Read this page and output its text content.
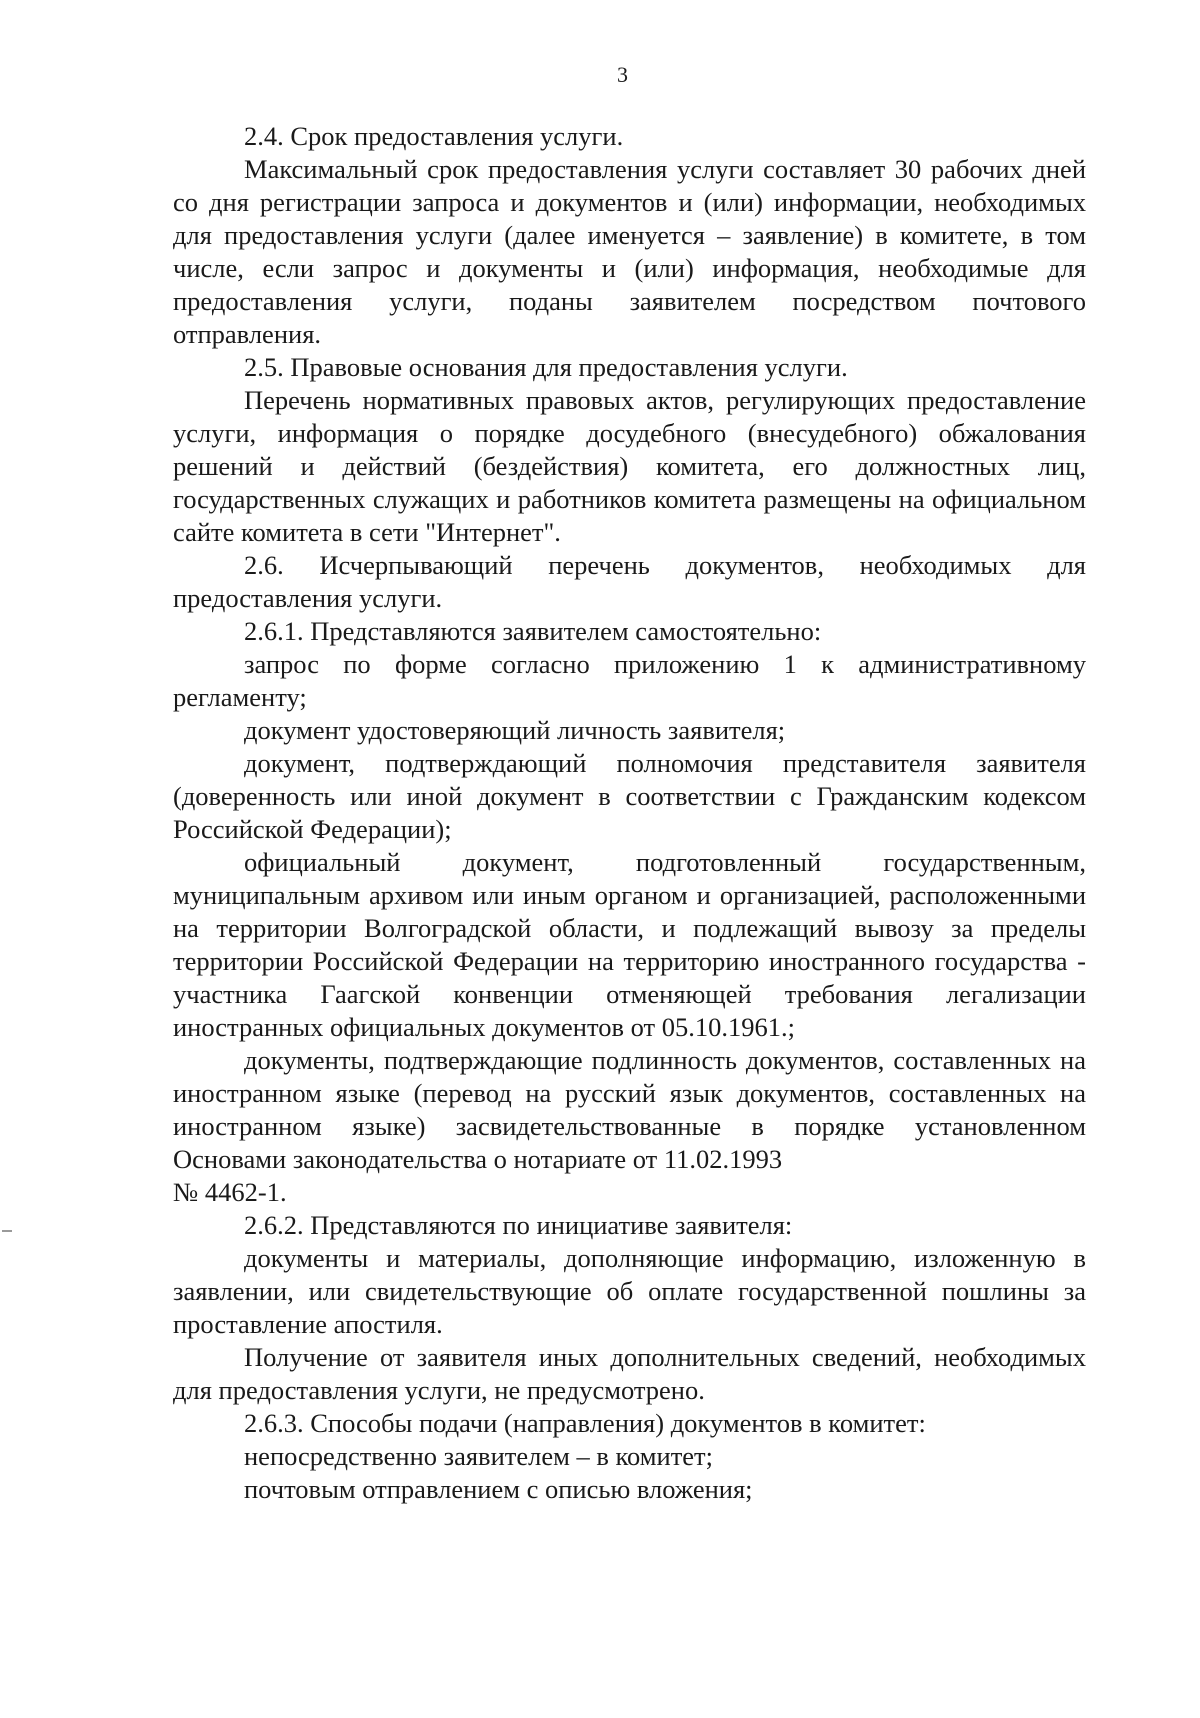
3

2.4. Срок предоставления услуги.

Максимальный срок предоставления услуги составляет 30 рабочих дней со дня регистрации запроса и документов и (или) информации, необходимых для предоставления услуги (далее именуется – заявление) в комитете, в том числе, если запрос и документы и (или) информация, необходимые для предоставления услуги, поданы заявителем посредством почтового отправления.

2.5. Правовые основания для предоставления услуги.

Перечень нормативных правовых актов, регулирующих предоставление услуги, информация о порядке досудебного (внесудебного) обжалования решений и действий (бездействия) комитета, его должностных лиц, государственных служащих и работников комитета размещены на официальном сайте комитета в сети "Интернет".

2.6. Исчерпывающий перечень документов, необходимых для предоставления услуги.

2.6.1. Представляются заявителем самостоятельно:

запрос по форме согласно приложению 1 к административному регламенту;

документ удостоверяющий личность заявителя;

документ, подтверждающий полномочия представителя заявителя (доверенность или иной документ в соответствии с Гражданским кодексом Российской Федерации);

официальный документ, подготовленный государственным, муниципальным архивом или иным органом и организацией, расположенными на территории Волгоградской области, и подлежащий вывозу за пределы территории Российской Федерации на территорию иностранного государства - участника Гаагской конвенции отменяющей требования легализации иностранных официальных документов от 05.10.1961.;

документы, подтверждающие подлинность документов, составленных на иностранном языке (перевод на русский язык документов, составленных на иностранном языке) засвидетельствованные в порядке установленном Основами законодательства о нотариате от 11.02.1993

№ 4462-1.

2.6.2. Представляются по инициативе заявителя:

документы и материалы, дополняющие информацию, изложенную в заявлении, или свидетельствующие об оплате государственной пошлины за проставление апостиля.

Получение от заявителя иных дополнительных сведений, необходимых для предоставления услуги, не предусмотрено.

2.6.3. Способы подачи (направления) документов в комитет:

непосредственно заявителем – в комитет;

почтовым отправлением с описью вложения;
